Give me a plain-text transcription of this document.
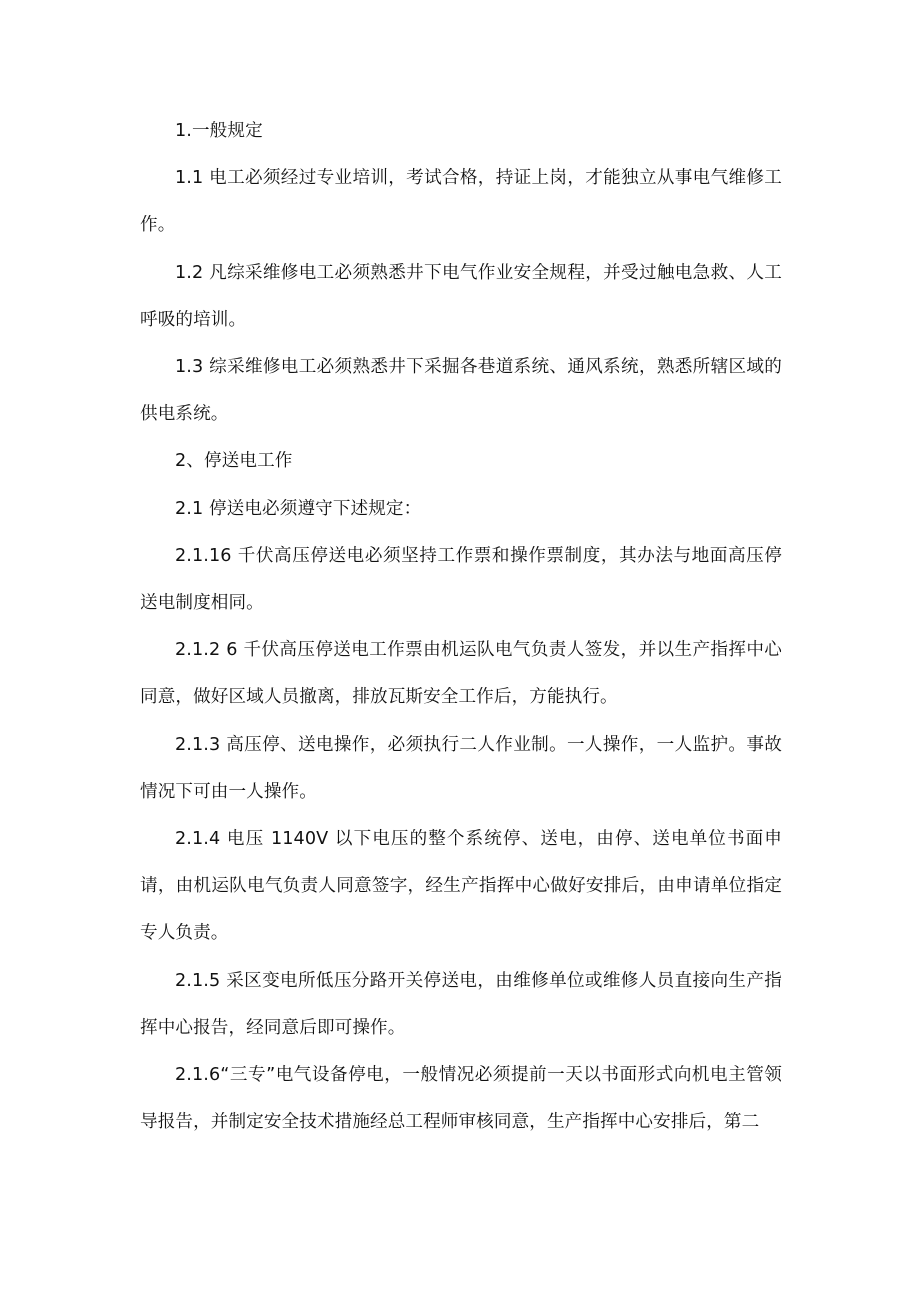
1.一般规定

1.1 电工必须经过专业培训，考试合格，持证上岗，才能独立从事电气维修工作。

1.2 凡综采维修电工必须熟悉井下电气作业安全规程，并受过触电急救、人工呼吸的培训。

1.3 综采维修电工必须熟悉井下采掘各巷道系统、通风系统，熟悉所辖区域的供电系统。

2、停送电工作

2.1 停送电必须遵守下述规定：

2.1.16 千伏高压停送电必须坚持工作票和操作票制度，其办法与地面高压停送电制度相同。

2.1.2 6 千伏高压停送电工作票由机运队电气负责人签发，并以生产指挥中心同意，做好区域人员撤离，排放瓦斯安全工作后，方能执行。

2.1.3 高压停、送电操作，必须执行二人作业制。一人操作，一人监护。事故情况下可由一人操作。

2.1.4 电压 1140V 以下电压的整个系统停、送电，由停、送电单位书面申请，由机运队电气负责人同意签字，经生产指挥中心做好安排后，由申请单位指定专人负责。

2.1.5 采区变电所低压分路开关停送电，由维修单位或维修人员直接向生产指挥中心报告，经同意后即可操作。

2.1.6“三专”电气设备停电，一般情况必须提前一天以书面形式向机电主管领导报告，并制定安全技术措施经总工程师审核同意，生产指挥中心安排后，第二
